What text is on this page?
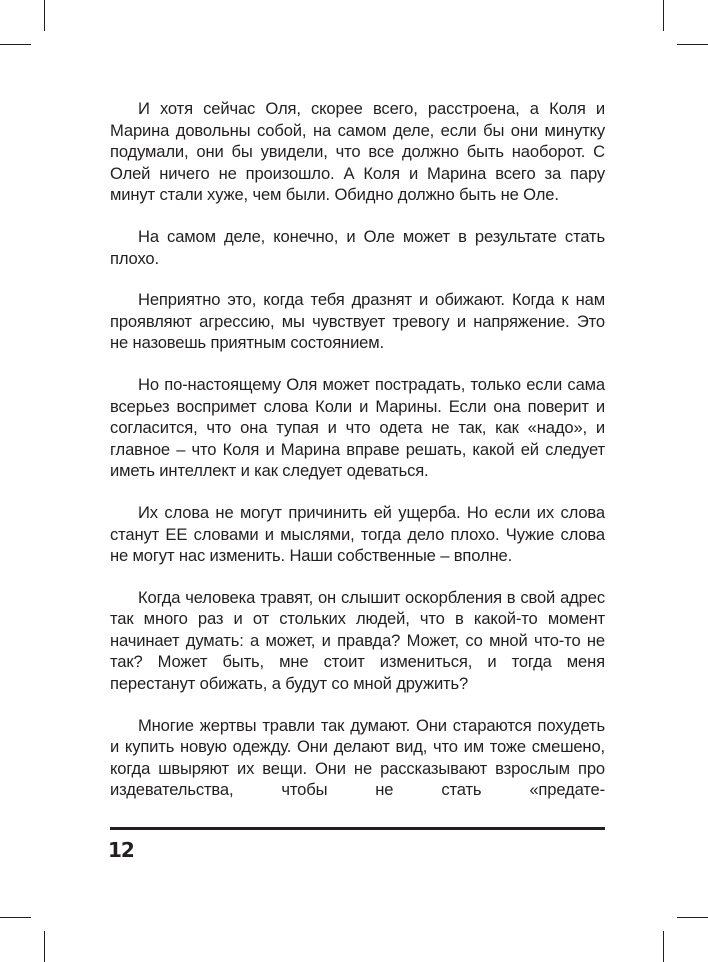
И хотя сейчас Оля, скорее всего, расстроена, а Коля и Марина довольны собой, на самом деле, если бы они минутку подумали, они бы увидели, что все должно быть наоборот. С Олей ничего не произошло. А Коля и Марина всего за пару минут стали хуже, чем были. Обидно должно быть не Оле.

На самом деле, конечно, и Оле может в результате стать плохо.

Неприятно это, когда тебя дразнят и обижают. Когда к нам проявляют агрессию, мы чувствует тревогу и напряжение. Это не назовешь приятным состоянием.

Но по-настоящему Оля может пострадать, только если сама всерьез воспримет слова Коли и Марины. Если она поверит и согласится, что она тупая и что одета не так, как «надо», и главное – что Коля и Марина вправе решать, какой ей следует иметь интеллект и как следует одеваться.

Их слова не могут причинить ей ущерба. Но если их слова станут ЕЕ словами и мыслями, тогда дело плохо. Чужие слова не могут нас изменить. Наши собственные – вполне.

Когда человека травят, он слышит оскорбления в свой адрес так много раз и от стольких людей, что в какой-то момент начинает думать: а может, и правда? Может, со мной что-то не так? Может быть, мне стоит измениться, и тогда меня перестанут обижать, а будут со мной дружить?

Многие жертвы травли так думают. Они стараются похудеть и купить новую одежду. Они делают вид, что им тоже смешено, когда швыряют их вещи. Они не рассказывают взрослым про издевательства, чтобы не стать «предате-

12
